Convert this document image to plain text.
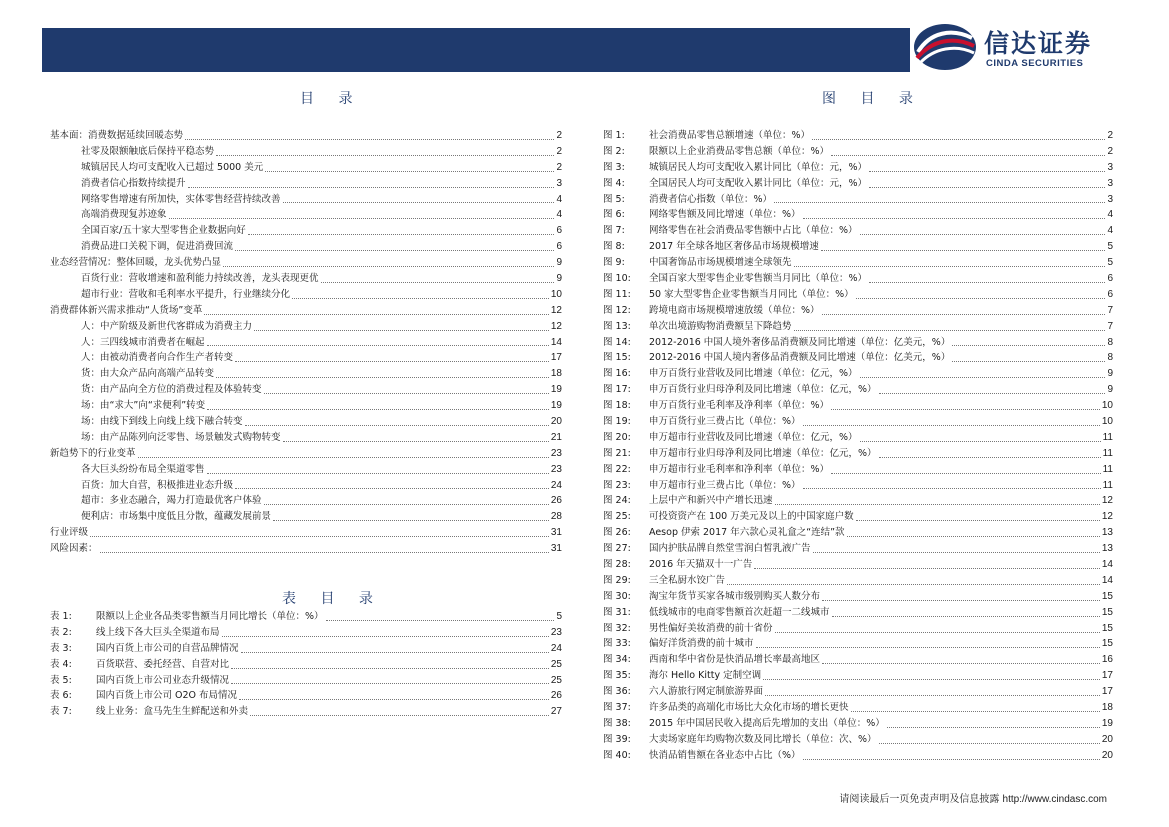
信达证券
CINDA SECURITIES
目 录	图 目 录
表 目 录
基本面：消费数据延续回暖态势	2
社零及限额触底后保持平稳态势	2
城镇居民人均可支配收入已超过 5000 美元	2
消费者信心指数持续提升	3
网络零售增速有所加快，实体零售经营持续改善	4
高端消费现复苏迹象	4
全国百家/五十家大型零售企业数据向好	6
消费品进口关税下调，促进消费回流	6
业态经营情况：整体回暖，龙头优势凸显	9
百货行业：营收增速和盈利能力持续改善，龙头表现更优	9
超市行业：营收和毛利率水平提升，行业继续分化	10
消费群体新兴需求推动“人货场”变革	12
人：中产阶级及新世代客群成为消费主力	12
人：三四线城市消费者在崛起	14
人：由被动消费者向合作生产者转变	17
货：由大众产品向高端产品转变	18
货：由产品向全方位的消费过程及体验转变	19
场：由“求大”向“求便利”转变	19
场：由线下到线上向线上线下融合转变	20
场：由产品陈列向泛零售、场景触发式购物转变	21
新趋势下的行业变革	23
各大巨头纷纷布局全渠道零售	23
百货：加大自营，积极推进业态升级	24
超市：多业态融合，竭力打造最优客户体验	26
便利店：市场集中度低且分散，蕴藏发展前景	28
行业评级	31
风险因素：	31
表 1:	限额以上企业各品类零售额当月同比增长（单位：%）	5
表 2:	线上线下各大巨头全渠道布局	23
表 3:	国内百货上市公司的自营品牌情况	24
表 4:	百货联营、委托经营、自营对比	25
表 5:	国内百货上市公司业态升级情况	25
表 6:	国内百货上市公司 O2O 布局情况	26
表 7:	线上业务：盒马先生生鲜配送和外卖	27
图 1:	社会消费品零售总额增速（单位：%）	2
图 2:	限额以上企业消费品零售总额（单位：%）	2
图 3:	城镇居民人均可支配收入累计同比（单位：元，%）	3
图 4:	全国居民人均可支配收入累计同比（单位：元，%）	3
图 5:	消费者信心指数（单位：%）	3
图 6:	网络零售额及同比增速（单位：%）	4
图 7:	网络零售在社会消费品零售额中占比（单位：%）	4
图 8:	2017 年全球各地区奢侈品市场规模增速	5
图 9:	中国奢饰品市场规模增速全球领先	5
图 10:	全国百家大型零售企业零售额当月同比（单位：%）	6
图 11:	50 家大型零售企业零售额当月同比（单位：%）	6
图 12:	跨境电商市场规模增速放缓（单位：%）	7
图 13:	单次出境游购物消费额呈下降趋势	7
图 14:	2012-2016 中国人境外奢侈品消费额及同比增速（单位：亿美元，%）	8
图 15:	2012-2016 中国人境内奢侈品消费额及同比增速（单位：亿美元，%）	8
图 16:	申万百货行业营收及同比增速（单位：亿元，%）	9
图 17:	申万百货行业归母净利及同比增速（单位：亿元，%）	9
图 18:	申万百货行业毛利率及净利率（单位：%）	10
图 19:	申万百货行业三费占比（单位：%）	10
图 20:	申万超市行业营收及同比增速（单位：亿元，%）	11
图 21:	申万超市行业归母净利及同比增速（单位：亿元，%）	11
图 22:	申万超市行业毛利率和净利率（单位：%）	11
图 23:	申万超市行业三费占比（单位：%）	11
图 24:	上层中产和新兴中产增长迅速	12
图 25:	可投资资产在 100 万美元及以上的中国家庭户数	12
图 26:	Aesop 伊索 2017 年六款心灵礼盒之“连结”款	13
图 27:	国内护肤品牌自然堂雪润白皙乳液广告	13
图 28:	2016 年天猫双十一广告	14
图 29:	三全私厨水饺广告	14
图 30:	淘宝年货节买家各城市级别购买人数分布	15
图 31:	低线城市的电商零售额首次赶超一二线城市	15
图 32:	男性偏好美妆消费的前十省份	15
图 33:	偏好洋货消费的前十城市	15
图 34:	西南和华中省份是快消品增长率最高地区	16
图 35:	海尔 Hello Kitty 定制空调	17
图 36:	六人游旅行网定制旅游界面	17
图 37:	许多品类的高端化市场比大众化市场的增长更快	18
图 38:	2015 年中国居民收入提高后先增加的支出（单位：%）	19
图 39:	大卖场家庭年均购物次数及同比增长（单位：次、%）	20
图 40:	快消品销售额在各业态中占比（%）	20
请阅读最后一页免责声明及信息披露 http://www.cindasc.com
